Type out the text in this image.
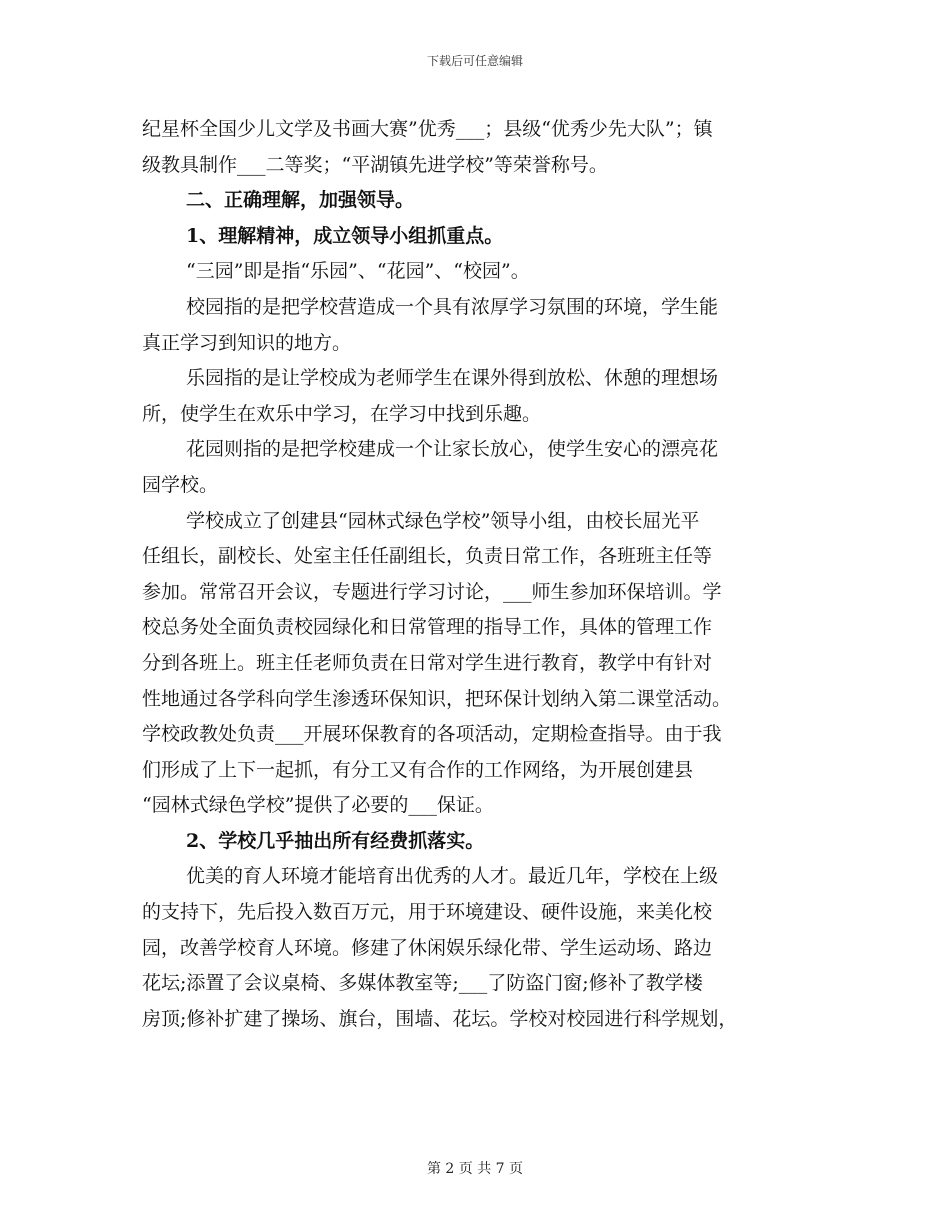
下载后可任意编辑

纪星杯全国少儿文学及书画大赛”优秀___；县级“优秀少先大队”；镇

级教具制作___二等奖；“平湖镇先进学校”等荣誉称号。

二、正确理解，加强领导。

1、理解精神，成立领导小组抓重点。

“三园”即是指“乐园”、“花园”、“校园”。

校园指的是把学校营造成一个具有浓厚学习氛围的环境，学生能

真正学习到知识的地方。

乐园指的是让学校成为老师学生在课外得到放松、休憩的理想场

所，使学生在欢乐中学习，在学习中找到乐趣。

花园则指的是把学校建成一个让家长放心，使学生安心的漂亮花

园学校。

学校成立了创建县“园林式绿色学校”领导小组，由校长屈光平

任组长，副校长、处室主任任副组长，负责日常工作，各班班主任等

参加。常常召开会议，专题进行学习讨论，___师生参加环保培训。学

校总务处全面负责校园绿化和日常管理的指导工作，具体的管理工作

分到各班上。班主任老师负责在日常对学生进行教育，教学中有针对

性地通过各学科向学生渗透环保知识，把环保计划纳入第二课堂活动。

学校政教处负责___开展环保教育的各项活动，定期检查指导。由于我

们形成了上下一起抓，有分工又有合作的工作网络，为开展创建县

“园林式绿色学校”提供了必要的___保证。

2、学校几乎抽出所有经费抓落实。

优美的育人环境才能培育出优秀的人才。最近几年，学校在上级

的支持下，先后投入数百万元，用于环境建设、硬件设施，来美化校

园，改善学校育人环境。修建了休闲娱乐绿化带、学生运动场、路边

花坛;添置了会议桌椅、多媒体教室等;___了防盗门窗;修补了教学楼

房顶;修补扩建了操场、旗台，围墙、花坛。学校对校园进行科学规划，

第 2 页 共 7 页
